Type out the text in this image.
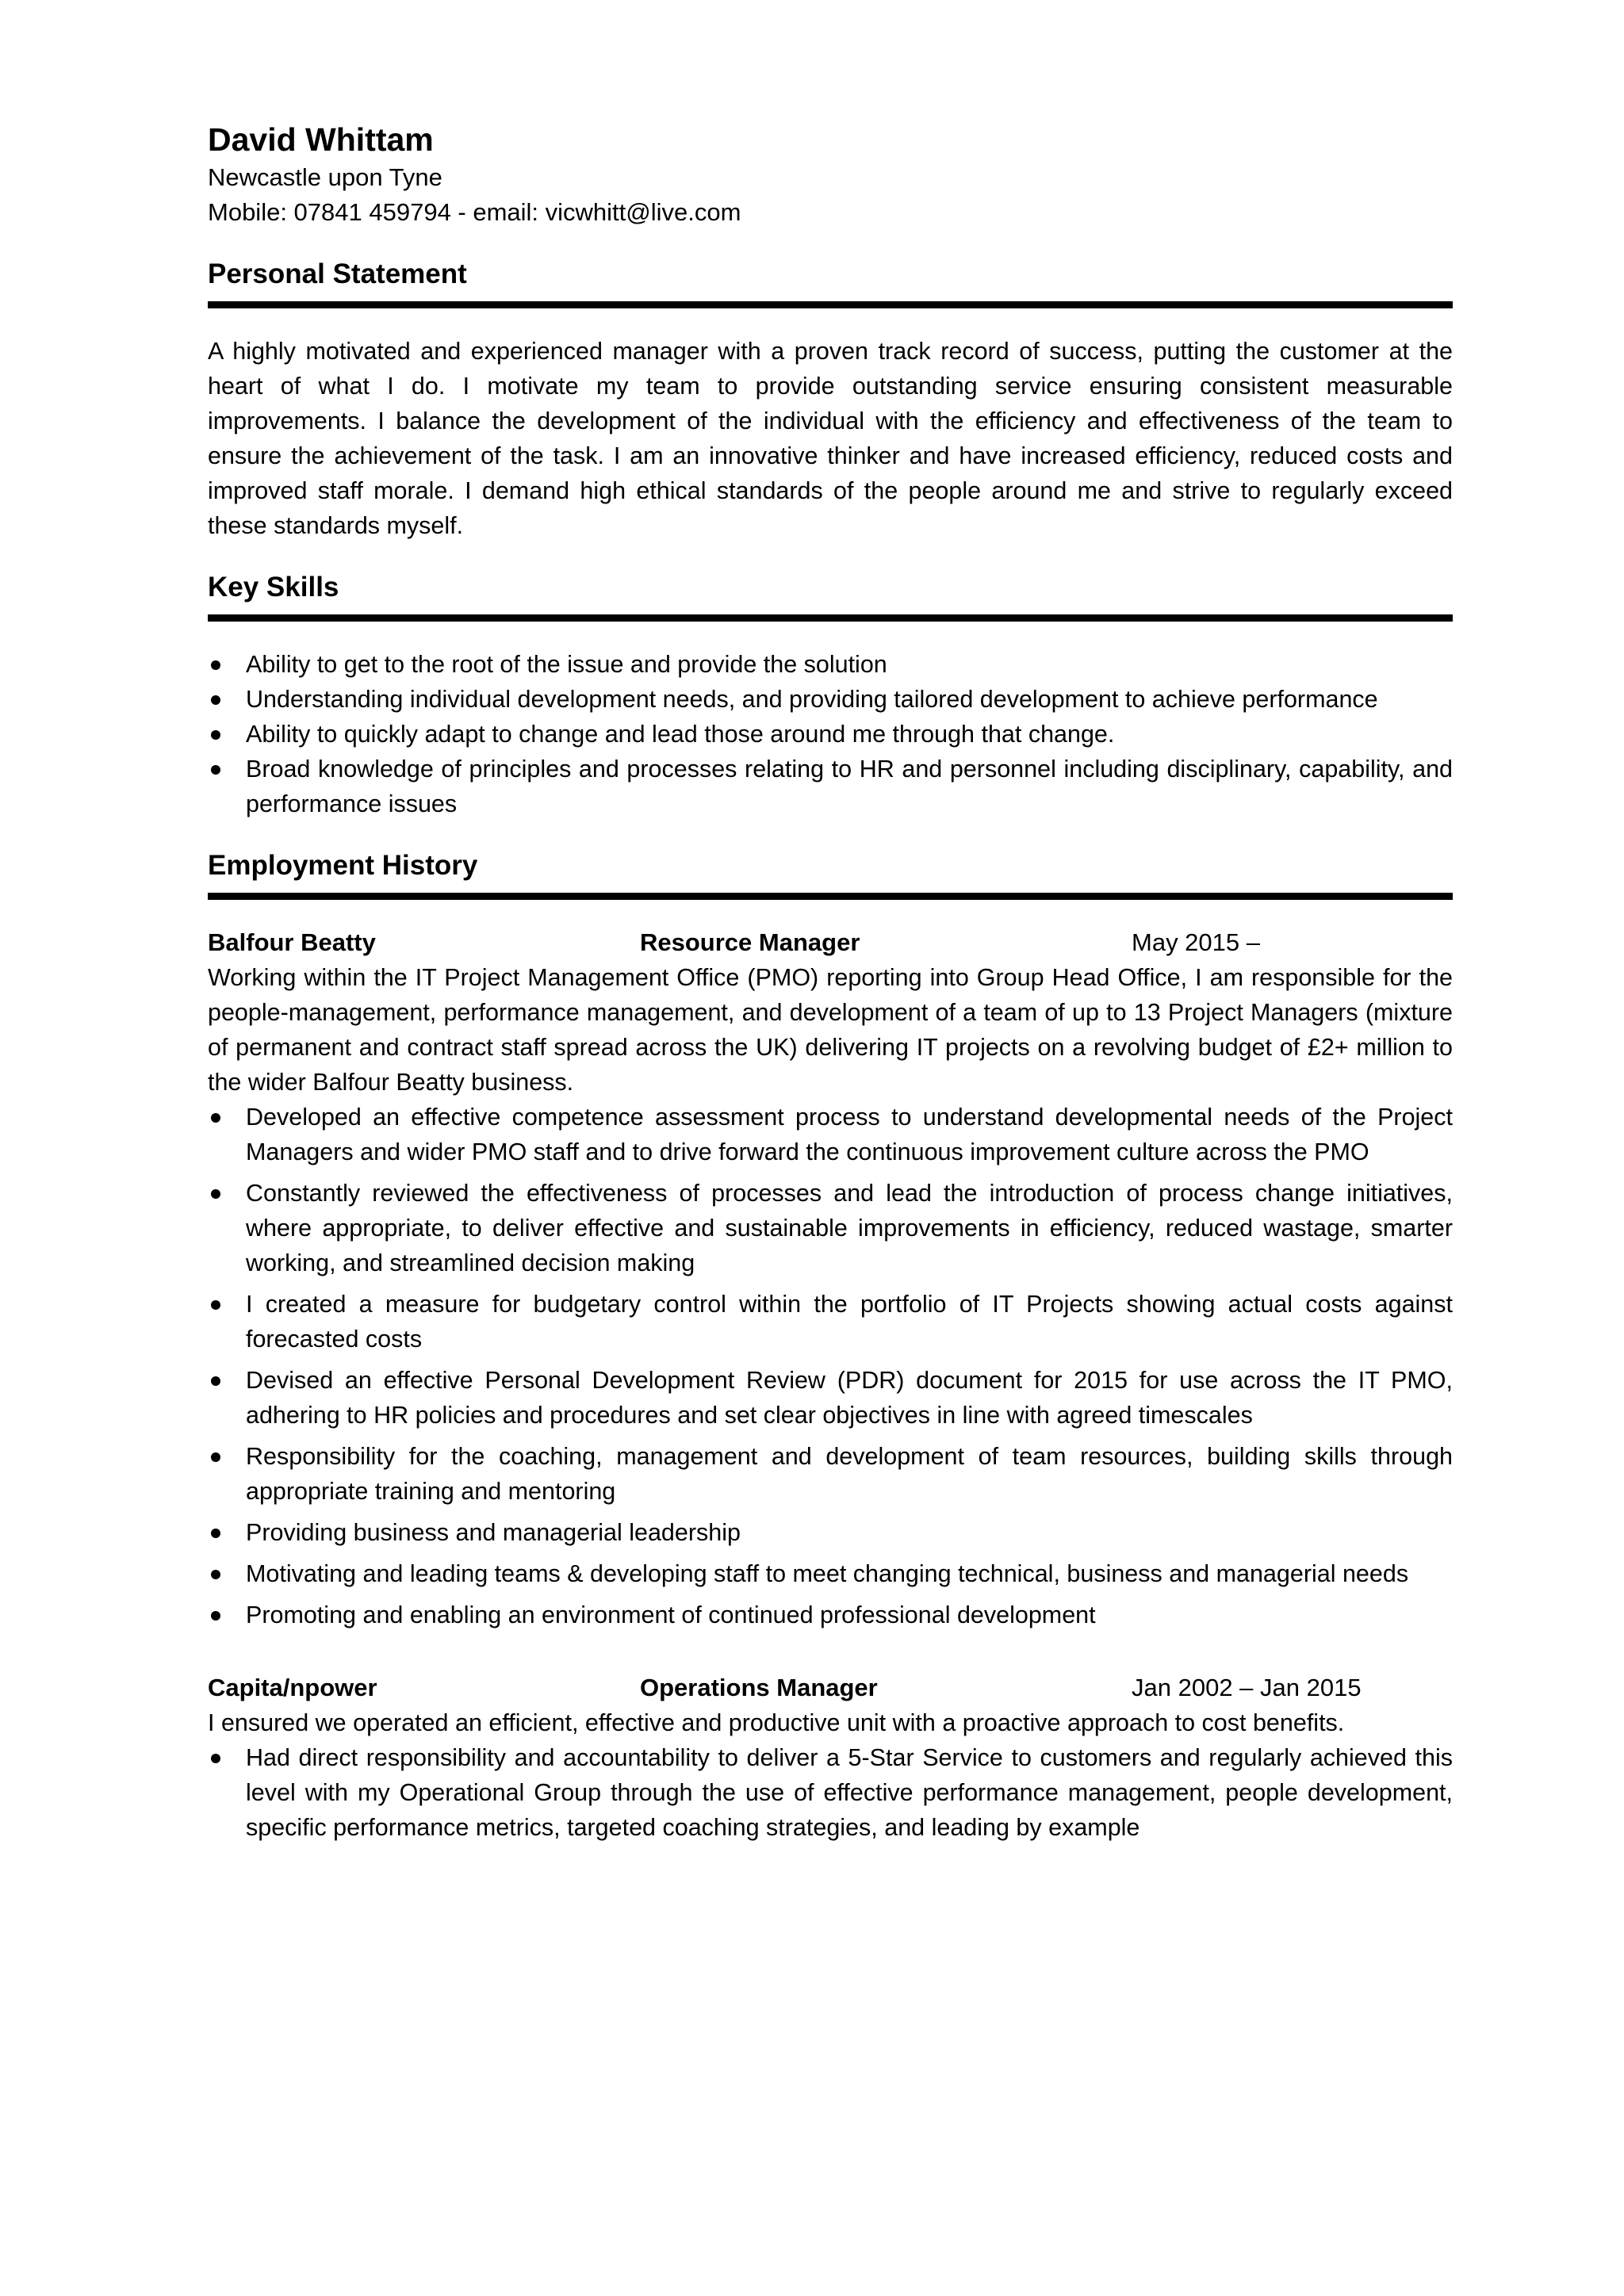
David Whittam

Newcastle upon Tyne

Mobile: 07841 459794 - email: vicwhitt@live.com

Personal Statement

A highly motivated and experienced manager with a proven track record of success, putting the customer at the heart of what I do. I motivate my team to provide outstanding service ensuring consistent measurable improvements. I balance the development of the individual with the efficiency and effectiveness of the team to ensure the achievement of the task. I am an innovative thinker and have increased efficiency, reduced costs and improved staff morale. I demand high ethical standards of the people around me and strive to regularly exceed these standards myself.

Key Skills
Ability to get to the root of the issue and provide the solution
Understanding individual development needs, and providing tailored development to achieve performance
Ability to quickly adapt to change and lead those around me through that change.
Broad knowledge of principles and processes relating to HR and personnel including disciplinary, capability, and performance issues
Employment History
Balfour Beatty	Resource Manager	May 2015 –

Working within the IT Project Management Office (PMO) reporting into Group Head Office, I am responsible for the people-management, performance management, and development of a team of up to 13 Project Managers (mixture of permanent and contract staff spread across the UK) delivering IT projects on a revolving budget of £2+ million to the wider Balfour Beatty business.

Developed an effective competence assessment process to understand developmental needs of the Project Managers and wider PMO staff and to drive forward the continuous improvement culture across the PMO
Constantly reviewed the effectiveness of processes and lead the introduction of process change initiatives, where appropriate, to deliver effective and sustainable improvements in efficiency, reduced wastage, smarter working, and streamlined decision making
I created a measure for budgetary control within the portfolio of IT Projects showing actual costs against forecasted costs
Devised an effective Personal Development Review (PDR) document for 2015 for use across the IT PMO, adhering to HR policies and procedures and set clear objectives in line with agreed timescales
Responsibility for the coaching, management and development of team resources, building skills through appropriate training and mentoring
Providing business and managerial leadership
Motivating and leading teams & developing staff to meet changing technical, business and managerial needs
Promoting and enabling an environment of continued professional development
Capita/npower	Operations Manager	Jan 2002 – Jan 2015

I ensured we operated an efficient, effective and productive unit with a proactive approach to cost benefits.

Had direct responsibility and accountability to deliver a 5-Star Service to customers and regularly achieved this level with my Operational Group through the use of effective performance management, people development, specific performance metrics, targeted coaching strategies, and leading by example
